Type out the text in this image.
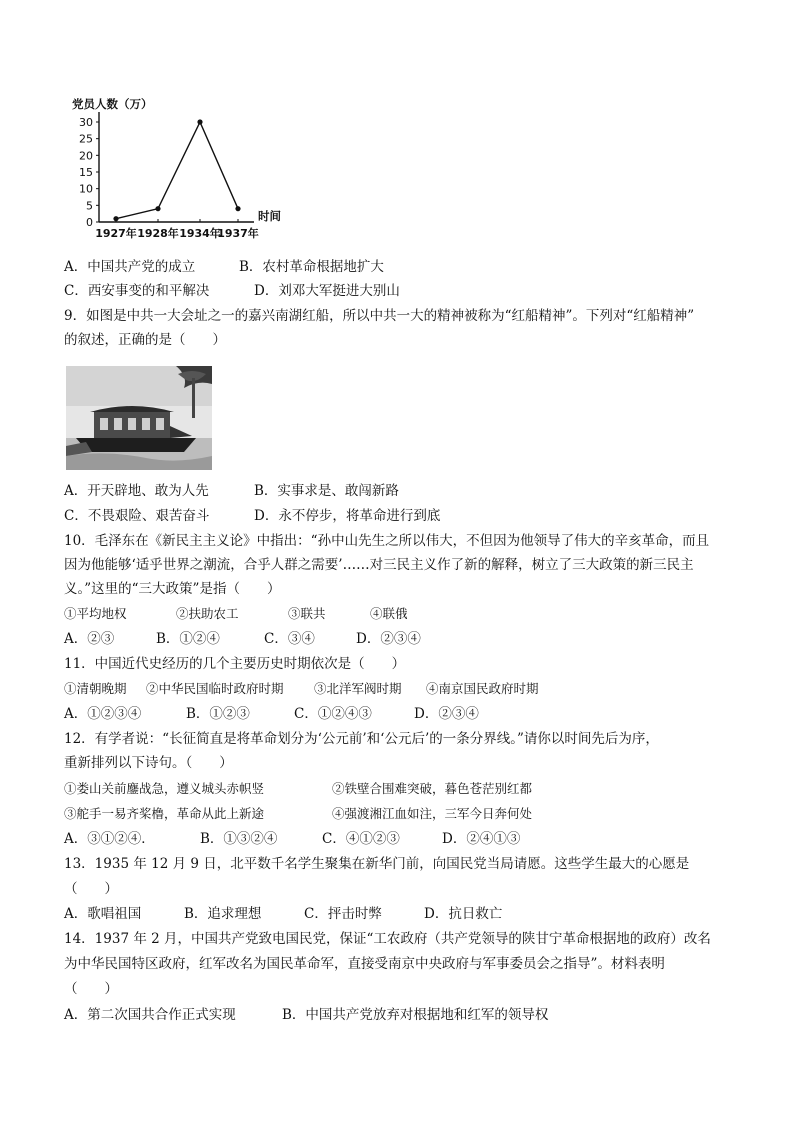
党员人数（万）
0
5
10
15
20
25
30
1927年 1928年 1934年
1937年
时间
A．中国共产党的成立	B．农村革命根据地扩大
C．西安事变的和平解决	D．刘邓大军挺进大别山
9．如图是中共一大会址之一的嘉兴南湖红船，所以中共一大的精神被称为“红船精神”。下列对“红船精神”
的叙述，正确的是（　　）
A．开天辟地、敢为人先	B．实事求是、敢闯新路
C．不畏艰险、艰苦奋斗	D．永不停步，将革命进行到底
10．毛泽东在《新民主主义论》中指出：“孙中山先生之所以伟大，不但因为他领导了伟大的辛亥革命，而且
因为他能够‘适乎世界之潮流，合乎人群之需要’……对三民主义作了新的解释，树立了三大政策的新三民主
义。”这里的“三大政策”是指（　　）
①平均地权	②扶助农工	③联共	④联俄
A．②③	B．①②④	C．③④	D．②③④
11．中国近代史经历的几个主要历史时期依次是（　　）
①清朝晚期 ②中华民国临时政府时期 ③北洋军阀时期 ④南京国民政府时期
A．①②③④	B．①②③	C．①②④③	D．②③④
12．有学者说：“长征简直是将革命划分为‘公元前’和‘公元后’的一条分界线。”请你以时间先后为序，
重新排列以下诗句。（　　）
①娄山关前鏖战急，遵义城头赤帜竖	②铁壁合围难突破，暮色苍茫别红都
③舵手一易齐桨橹，革命从此上新途	④强渡湘江血如注，三军今日奔何处
A．③①②④．	B．①③②④	C．④①②③	D．②④①③
13．1935 年 12 月 9 日，北平数千名学生聚集在新华门前，向国民党当局请愿。这些学生最大的心愿是
（　　）
A．歌唱祖国	B．追求理想	C．抨击时弊	D．抗日救亡
14．1937 年 2 月，中国共产党致电国民党，保证“工农政府（共产党领导的陕甘宁革命根据地的政府）改名
为中华民国特区政府，红军改名为国民革命军，直接受南京中央政府与军事委员会之指导”。材料表明
（　　）
A．第二次国共合作正式实现	B．中国共产党放弃对根据地和红军的领导权
